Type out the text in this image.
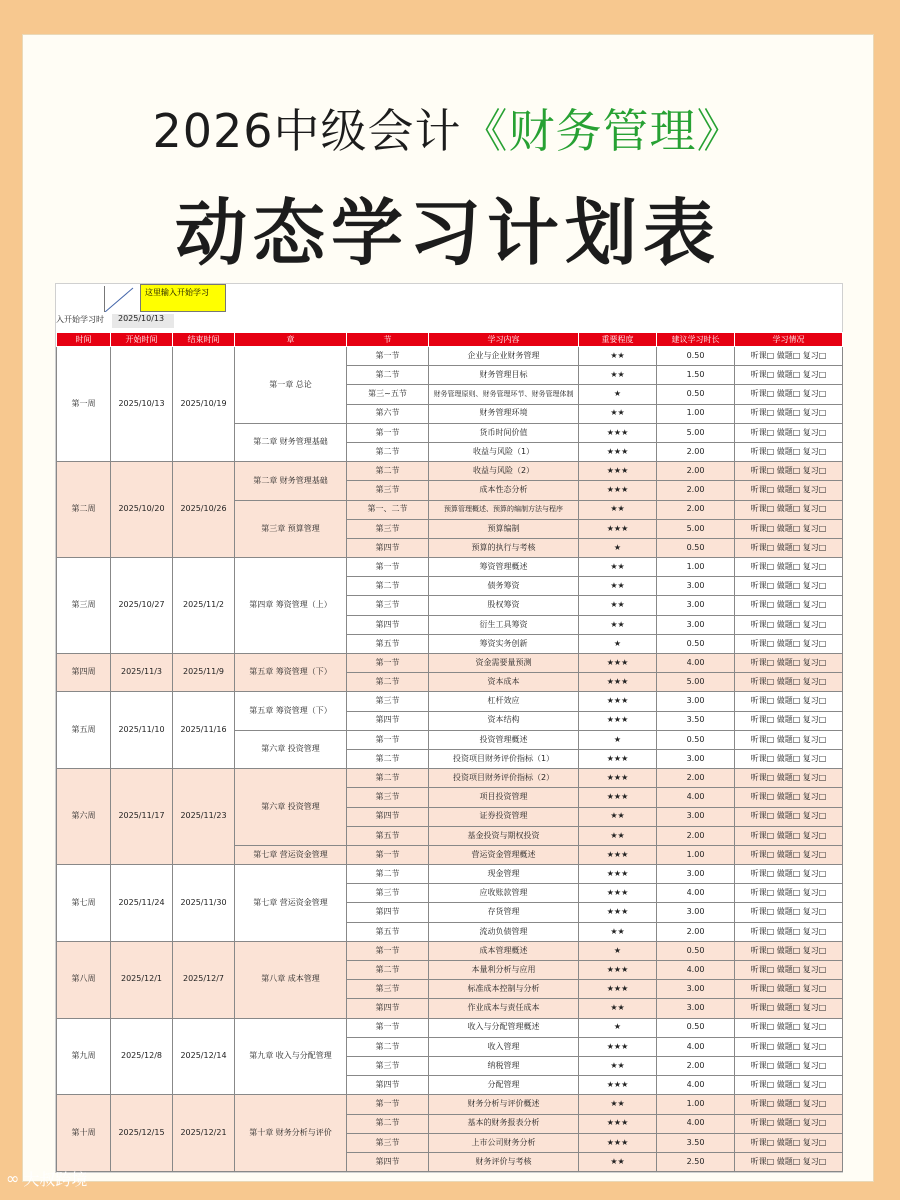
2026中级会计《财务管理》
动态学习计划表
这里输入开始学习
入开始学习时	2025/10/13
时间	开始时间	结束时间	章	节	学习内容	重要程度	建议学习时长	学习情况
第一周	2025/10/13	2025/10/19	第一章 总论	第一节	企业与企业财务管理	★★	0.50	听课□ 做题□ 复习□
				第二节	财务管理目标	★★	1.50	听课□ 做题□ 复习□
				第三~五节	财务管理原则、财务管理环节、财务管理体制	★	0.50	听课□ 做题□ 复习□
				第六节	财务管理环境	★★	1.00	听课□ 做题□ 复习□
			第二章 财务管理基础	第一节	货币时间价值	★★★	5.00	听课□ 做题□ 复习□
				第二节	收益与风险（1）	★★★	2.00	听课□ 做题□ 复习□
第二周	2025/10/20	2025/10/26	第二章 财务管理基础	第二节	收益与风险（2）	★★★	2.00	听课□ 做题□ 复习□
				第三节	成本性态分析	★★★	2.00	听课□ 做题□ 复习□
			第三章 预算管理	第一、二节	预算管理概述、预算的编制方法与程序	★★	2.00	听课□ 做题□ 复习□
				第三节	预算编制	★★★	5.00	听课□ 做题□ 复习□
				第四节	预算的执行与考核	★	0.50	听课□ 做题□ 复习□
第三周	2025/10/27	2025/11/2	第四章 筹资管理（上）	第一节	筹资管理概述	★★	1.00	听课□ 做题□ 复习□
				第二节	债务筹资	★★	3.00	听课□ 做题□ 复习□
				第三节	股权筹资	★★	3.00	听课□ 做题□ 复习□
				第四节	衍生工具筹资	★★	3.00	听课□ 做题□ 复习□
				第五节	筹资实务创新	★	0.50	听课□ 做题□ 复习□
第四周	2025/11/3	2025/11/9	第五章 筹资管理（下）	第一节	资金需要量预测	★★★	4.00	听课□ 做题□ 复习□
				第二节	资本成本	★★★	5.00	听课□ 做题□ 复习□
第五周	2025/11/10	2025/11/16	第五章 筹资管理（下）	第三节	杠杆效应	★★★	3.00	听课□ 做题□ 复习□
				第四节	资本结构	★★★	3.50	听课□ 做题□ 复习□
			第六章 投资管理	第一节	投资管理概述	★	0.50	听课□ 做题□ 复习□
				第二节	投资项目财务评价指标（1）	★★★	3.00	听课□ 做题□ 复习□
第六周	2025/11/17	2025/11/23	第六章 投资管理	第二节	投资项目财务评价指标（2）	★★★	2.00	听课□ 做题□ 复习□
				第三节	项目投资管理	★★★	4.00	听课□ 做题□ 复习□
				第四节	证券投资管理	★★	3.00	听课□ 做题□ 复习□
				第五节	基金投资与期权投资	★★	2.00	听课□ 做题□ 复习□
			第七章 营运资金管理	第一节	营运资金管理概述	★★★	1.00	听课□ 做题□ 复习□
第七周	2025/11/24	2025/11/30	第七章 营运资金管理	第二节	现金管理	★★★	3.00	听课□ 做题□ 复习□
				第三节	应收账款管理	★★★	4.00	听课□ 做题□ 复习□
				第四节	存货管理	★★★	3.00	听课□ 做题□ 复习□
				第五节	流动负债管理	★★	2.00	听课□ 做题□ 复习□
第八周	2025/12/1	2025/12/7	第八章 成本管理	第一节	成本管理概述	★	0.50	听课□ 做题□ 复习□
				第二节	本量利分析与应用	★★★	4.00	听课□ 做题□ 复习□
				第三节	标准成本控制与分析	★★★	3.00	听课□ 做题□ 复习□
				第四节	作业成本与责任成本	★★	3.00	听课□ 做题□ 复习□
第九周	2025/12/8	2025/12/14	第九章 收入与分配管理	第一节	收入与分配管理概述	★	0.50	听课□ 做题□ 复习□
				第二节	收入管理	★★★	4.00	听课□ 做题□ 复习□
				第三节	纳税管理	★★	2.00	听课□ 做题□ 复习□
				第四节	分配管理	★★★	4.00	听课□ 做题□ 复习□
第十周	2025/12/15	2025/12/21	第十章 财务分析与评价	第一节	财务分析与评价概述	★★	1.00	听课□ 做题□ 复习□
				第二节	基本的财务报表分析	★★★	4.00	听课□ 做题□ 复习□
				第三节	上市公司财务分析	★★★	3.50	听课□ 做题□ 复习□
				第四节	财务评价与考核	★★	2.50	听课□ 做题□ 复习□
∞ 大叔跨境
